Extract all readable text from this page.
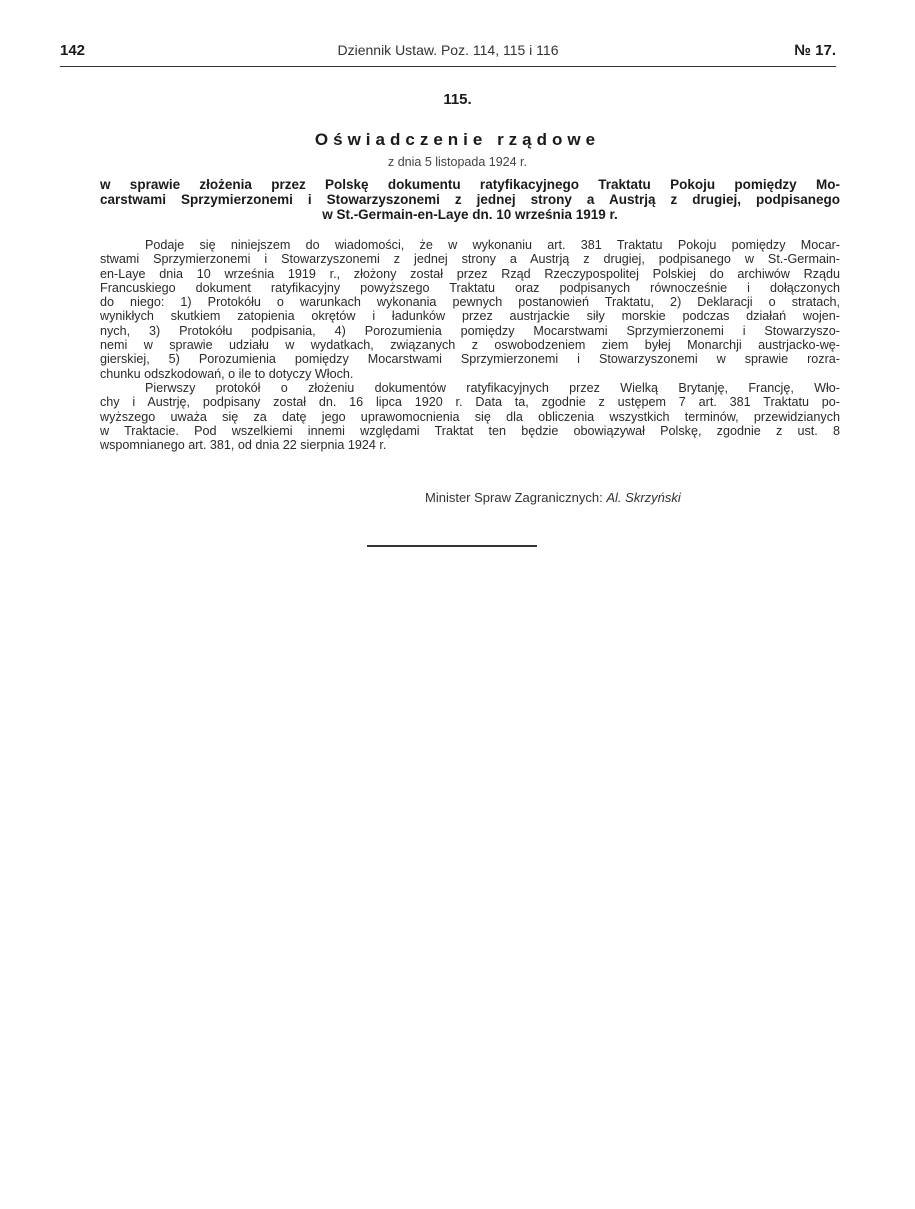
142	Dziennik Ustaw. Poz. 114, 115 i 116	№ 17.
115.
Oświadczenie rządowe
z dnia 5 listopada 1924 r.
w sprawie złożenia przez Polskę dokumentu ratyfikacyjnego Traktatu Pokoju pomiędzy Mo-
carstwami Sprzymierzonemi i Stowarzyszonemi z jednej strony a Austrją z drugiej, podpisanego
w St.-Germain-en-Laye dn. 10 września 1919 r.
Podaje się niniejszem do wiadomości, że w wykonaniu art. 381 Traktatu Pokoju pomiędzy Mocar-
stwami Sprzymierzonemi i Stowarzyszonemi z jednej strony a Austrją z drugiej, podpisanego w St.-Germain-
en-Laye dnia 10 września 1919 r., złożony został przez Rząd Rzeczypospolitej Polskiej do archiwów Rządu
Francuskiego dokument ratyfikacyjny powyższego Traktatu oraz podpisanych równocześnie i dołączonych
do niego: 1) Protokółu o warunkach wykonania pewnych postanowień Traktatu, 2) Deklaracji o stratach,
wynikłych skutkiem zatopienia okrętów i ładunków przez austrjackie siły morskie podczas działań wojen-
nych, 3) Protokółu podpisania, 4) Porozumienia pomiędzy Mocarstwami Sprzymierzonemi i Stowarzyszo-
nemi w sprawie udziału w wydatkach, związanych z oswobodzeniem ziem byłej Monarchji austrjacko-wę-
gierskiej, 5) Porozumienia pomiędzy Mocarstwami Sprzymierzonemi i Stowarzyszonemi w sprawie rozra-
chunku odszkodowań, o ile to dotyczy Włoch.
Pierwszy protokół o złożeniu dokumentów ratyfikacyjnych przez Wielką Brytanję, Francję, Wło-
chy i Austrję, podpisany został dn. 16 lipca 1920 r. Data ta, zgodnie z ustępem 7 art. 381 Traktatu po-
wyższego uważa się za datę jego uprawomocnienia się dla obliczenia wszystkich terminów, przewidzianych
w Traktacie. Pod wszelkiemi innemi względami Traktat ten będzie obowiązywał Polskę, zgodnie z ust. 8
wspomnianego art. 381, od dnia 22 sierpnia 1924 r.
Minister Spraw Zagranicznych: Al. Skrzyński
